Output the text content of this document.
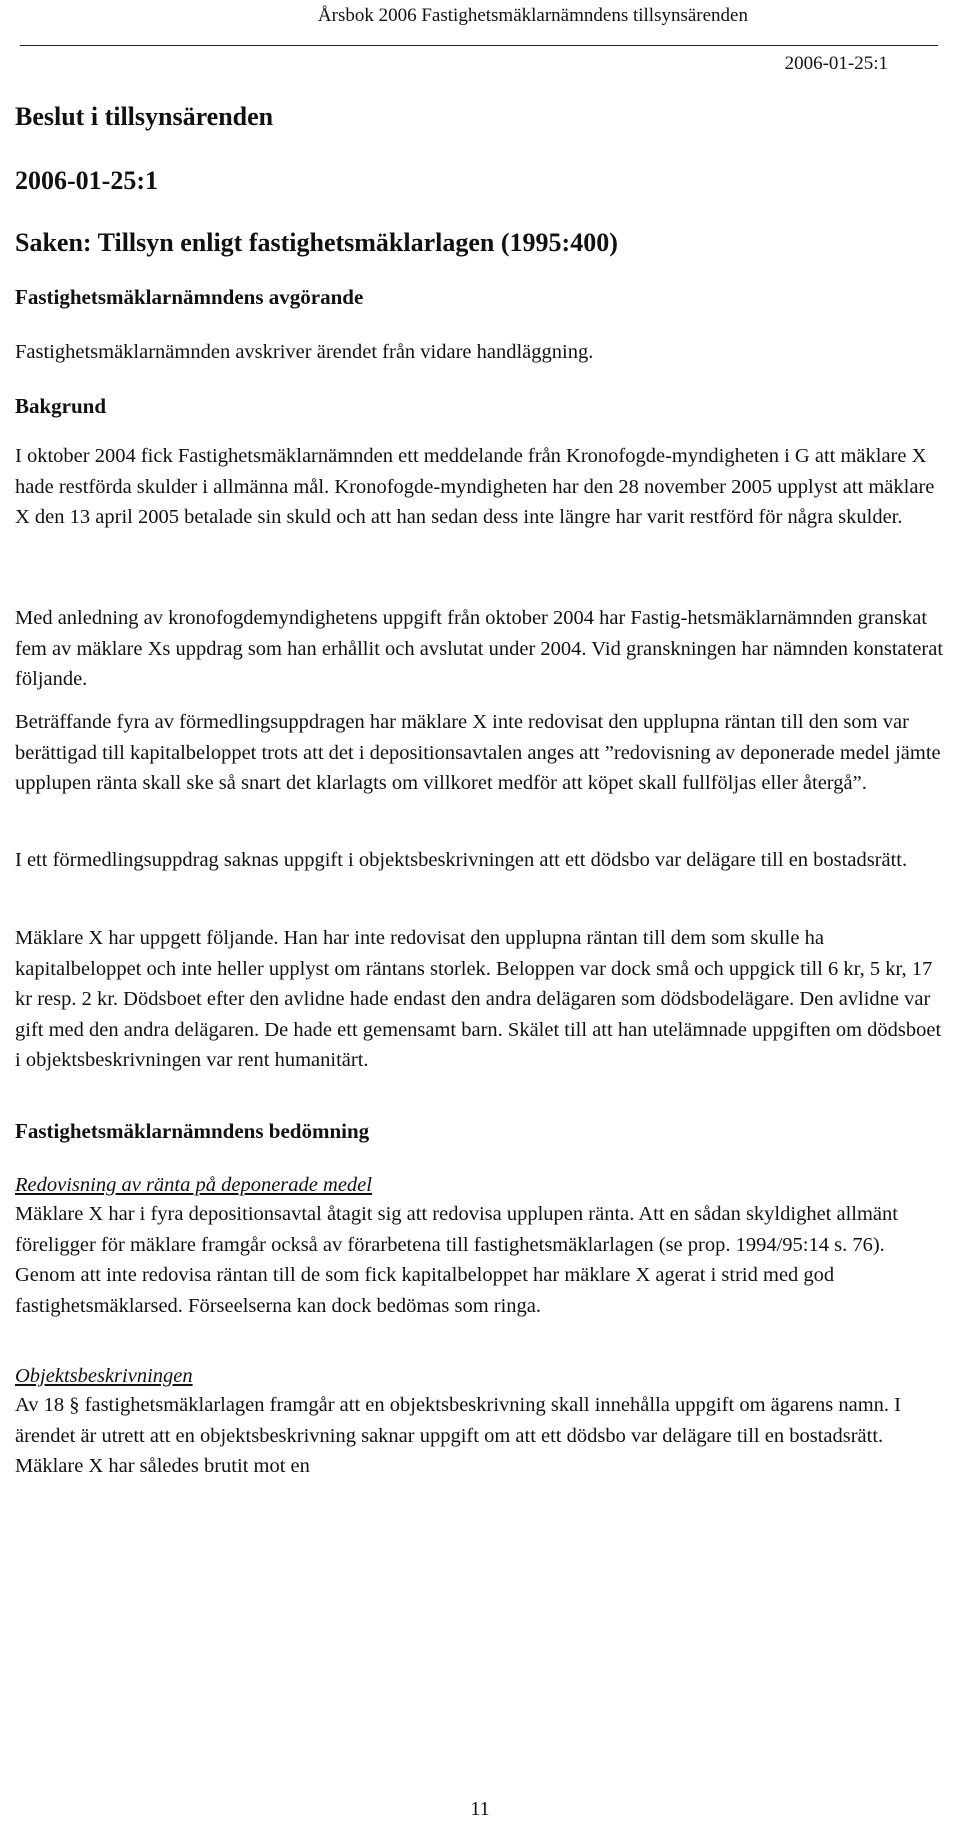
Årsbok 2006 Fastighetsmäklarnämndens tillsynsärenden
2006-01-25:1
Beslut i tillsynsärenden
2006-01-25:1
Saken: Tillsyn enligt fastighetsmäklarlagen (1995:400)
Fastighetsmäklarnämndens avgörande
Fastighetsmäklarnämnden avskriver ärendet från vidare handläggning.
Bakgrund

I oktober 2004 fick Fastighetsmäklarnämnden ett meddelande från Kronofogde-myndigheten i G att mäklare X hade restförda skulder i allmänna mål. Kronofogde-myndigheten har den 28 november 2005 upplyst att mäklare X den 13 april 2005 betalade sin skuld och att han sedan dess inte längre har varit restförd för några skulder.

Med anledning av kronofogdemyndighetens uppgift från oktober 2004 har Fastig-hetsmäklarnämnden granskat fem av mäklare Xs uppdrag som han erhållit och avslutat under 2004. Vid granskningen har nämnden konstaterat följande.

Beträffande fyra av förmedlingsuppdragen har mäklare X inte redovisat den upplupna räntan till den som var berättigad till kapitalbeloppet trots att det i depositionsavtalen anges att ”redovisning av deponerade medel jämte upplupen ränta skall ske så snart det klarlagts om villkoret medför att köpet skall fullföljas eller återgå”.

I ett förmedlingsuppdrag saknas uppgift i objektsbeskrivningen att ett dödsbo var delägare till en bostadsrätt.

Mäklare X har uppgett följande. Han har inte redovisat den upplupna räntan till dem som skulle ha kapitalbeloppet och inte heller upplyst om räntans storlek. Beloppen var dock små och uppgick till 6 kr, 5 kr, 17 kr resp. 2 kr. Dödsboet efter den avlidne hade endast den andra delägaren som dödsbodelägare. Den avlidne var gift med den andra delägaren. De hade ett gemensamt barn. Skälet till att han utelämnade uppgiften om dödsboet i objektsbeskrivningen var rent humanitärt.

Fastighetsmäklarnämndens bedömning
Redovisning av ränta på deponerade medel

Mäklare X har i fyra depositionsavtal åtagit sig att redovisa upplupen ränta. Att en sådan skyldighet allmänt föreligger för mäklare framgår också av förarbetena till fastighetsmäklarlagen (se prop. 1994/95:14 s. 76). Genom att inte redovisa räntan till de som fick kapitalbeloppet har mäklare X agerat i strid med god fastighetsmäklarsed. Förseelserna kan dock bedömas som ringa.

Objektsbeskrivningen

Av 18 § fastighetsmäklarlagen framgår att en objektsbeskrivning skall innehålla uppgift om ägarens namn. I ärendet är utrett att en objektsbeskrivning saknar uppgift om att ett dödsbo var delägare till en bostadsrätt. Mäklare X har således brutit mot en

11
